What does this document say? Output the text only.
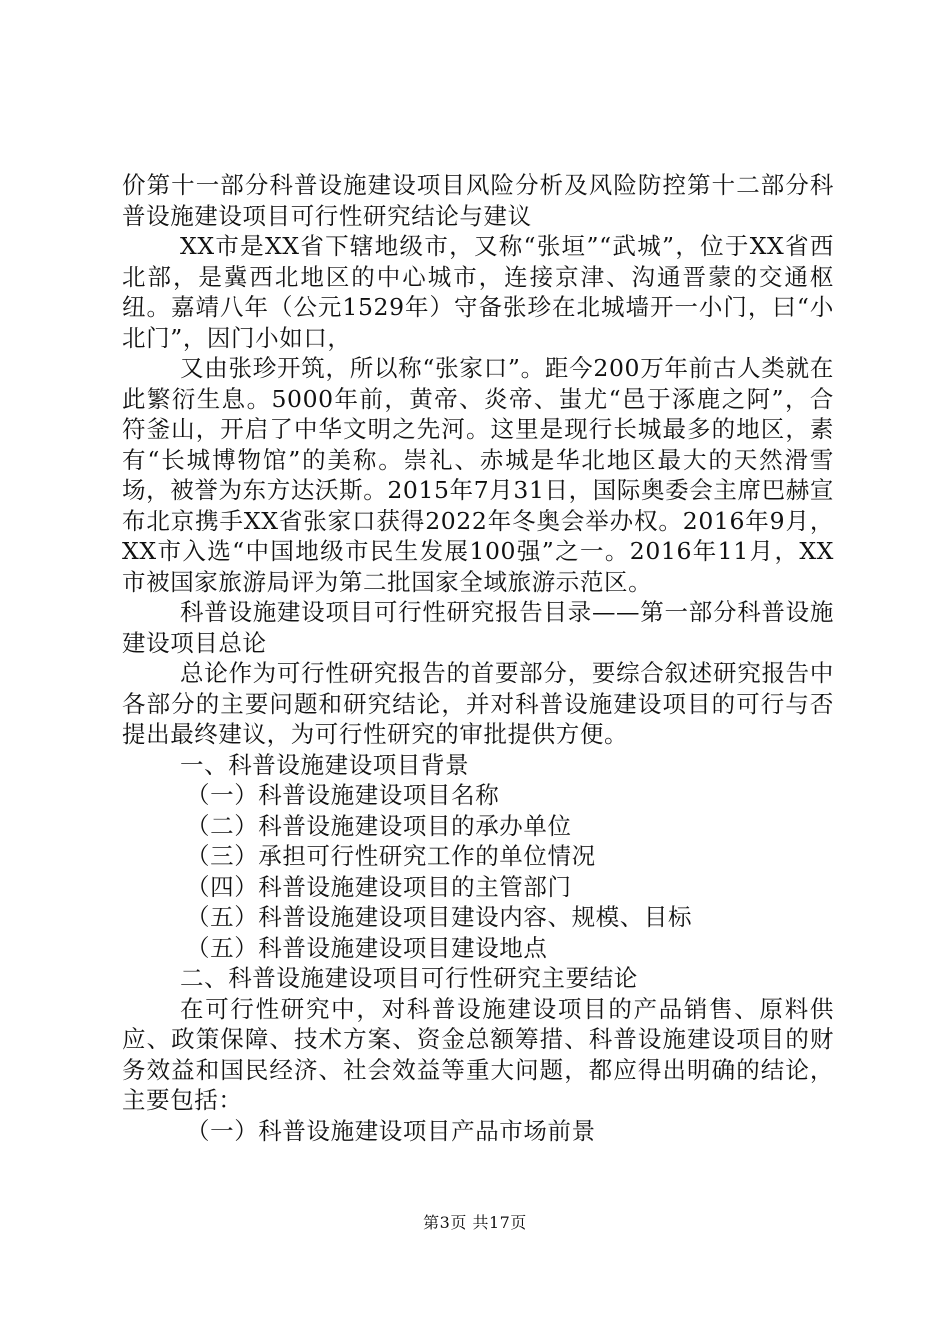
价第十一部分科普设施建设项目风险分析及风险防控第十二部分科普设施建设项目可行性研究结论与建议

XX市是XX省下辖地级市，又称“张垣”“武城”，位于XX省西北部，是冀西北地区的中心城市，连接京津、沟通晋蒙的交通枢纽。嘉靖八年（公元1529年）守备张珍在北城墙开一小门，曰“小北门”，因门小如口，

又由张珍开筑，所以称“张家口”。距今200万年前古人类就在此繁衍生息。5000年前，黄帝、炎帝、蚩尤“邑于涿鹿之阿”，合符釜山，开启了中华文明之先河。这里是现行长城最多的地区，素有“长城博物馆”的美称。崇礼、赤城是华北地区最大的天然滑雪场，被誉为东方达沃斯。2015年7月31日，国际奥委会主席巴赫宣布北京携手XX省张家口获得2022年冬奥会举办权。2016年9月，XX市入选“中国地级市民生发展100强”之一。2016年11月，XX市被国家旅游局评为第二批国家全域旅游示范区。

科普设施建设项目可行性研究报告目录——第一部分科普设施建设项目总论

总论作为可行性研究报告的首要部分，要综合叙述研究报告中各部分的主要问题和研究结论，并对科普设施建设项目的可行与否提出最终建议，为可行性研究的审批提供方便。

一、科普设施建设项目背景

（一）科普设施建设项目名称

（二）科普设施建设项目的承办单位

（三）承担可行性研究工作的单位情况

（四）科普设施建设项目的主管部门

（五）科普设施建设项目建设内容、规模、目标

（五）科普设施建设项目建设地点

二、科普设施建设项目可行性研究主要结论

在可行性研究中，对科普设施建设项目的产品销售、原料供应、政策保障、技术方案、资金总额筹措、科普设施建设项目的财务效益和国民经济、社会效益等重大问题，都应得出明确的结论，主要包括：

（一）科普设施建设项目产品市场前景

第3页 共17页
